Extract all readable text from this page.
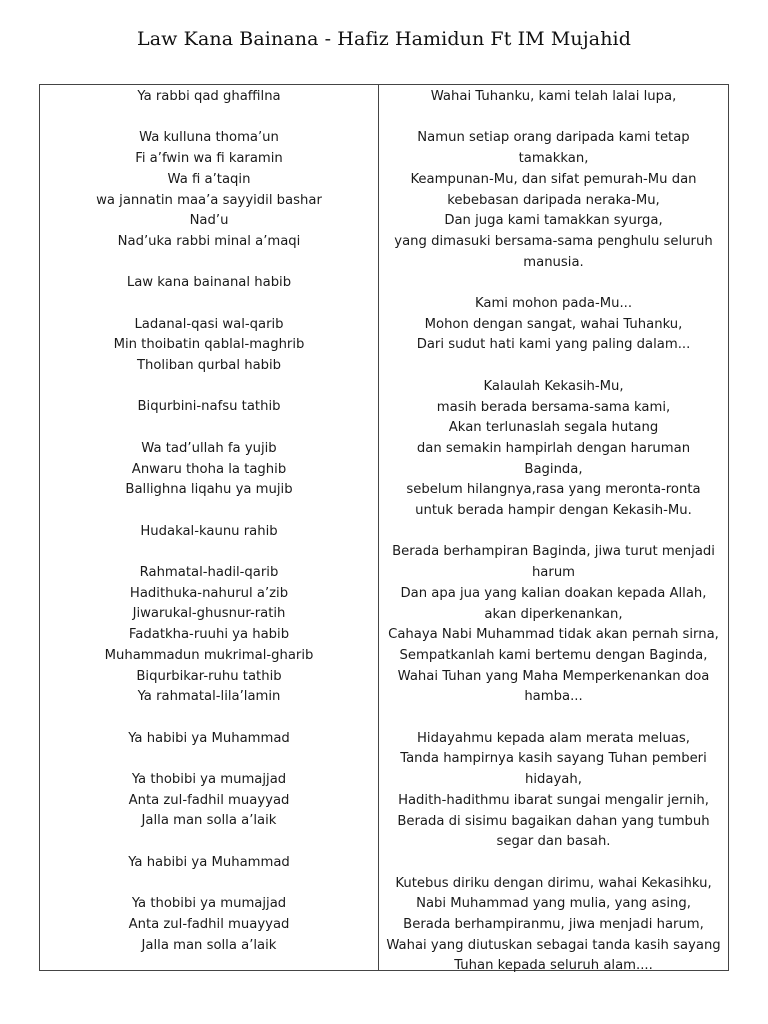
Law Kana Bainana - Hafiz Hamidun Ft IM Mujahid
Ya rabbi qad ghaffilna
Wa kulluna thoma’un
Fi a’fwin wa fi karamin
Wa fi a’taqin
wa jannatin maa’a sayyidil bashar
Nad’u
Nad’uka rabbi minal a’maqi
Law kana bainanal habib
Ladanal-qasi wal-qarib
Min thoibatin qablal-maghrib
Tholiban qurbal habib
Biqurbini-nafsu tathib
Wa tad’ullah fa yujib
Anwaru thoha la taghib
Ballighna liqahu ya mujib
Hudakal-kaunu rahib
Rahmatal-hadil-qarib
Hadithuka-nahurul a’zib
Jiwarukal-ghusnur-ratih
Fadatkha-ruuhi ya habib
Muhammadun mukrimal-gharib
Biqurbikar-ruhu tathib
Ya rahmatal-lila’lamin
Ya habibi ya Muhammad
Ya thobibi ya mumajjad
Anta zul-fadhil muayyad
Jalla man solla a’laik
Ya habibi ya Muhammad
Ya thobibi ya mumajjad
Anta zul-fadhil muayyad
Jalla man solla a’laik
Wahai Tuhanku, kami telah lalai lupa,
Namun setiap orang daripada kami tetap
tamakkan,
Keampunan-Mu, dan sifat pemurah-Mu dan
kebebasan daripada neraka-Mu,
Dan juga kami tamakkan syurga,
yang dimasuki bersama-sama penghulu seluruh
manusia.
Kami mohon pada-Mu...
Mohon dengan sangat, wahai Tuhanku,
Dari sudut hati kami yang paling dalam...
Kalaulah Kekasih-Mu,
masih berada bersama-sama kami,
Akan terlunaslah segala hutang
dan semakin hampirlah dengan haruman
Baginda,
sebelum hilangnya,rasa yang meronta-ronta
untuk berada hampir dengan Kekasih-Mu.
Berada berhampiran Baginda, jiwa turut menjadi
harum
Dan apa jua yang kalian doakan kepada Allah,
akan diperkenankan,
Cahaya Nabi Muhammad tidak akan pernah sirna,
Sempatkanlah kami bertemu dengan Baginda,
Wahai Tuhan yang Maha Memperkenankan doa
hamba...
Hidayahmu kepada alam merata meluas,
Tanda hampirnya kasih sayang Tuhan pemberi
hidayah,
Hadith-hadithmu ibarat sungai mengalir jernih,
Berada di sisimu bagaikan dahan yang tumbuh
segar dan basah.
Kutebus diriku dengan dirimu, wahai Kekasihku,
Nabi Muhammad yang mulia, yang asing,
Berada berhampiranmu, jiwa menjadi harum,
Wahai yang diutuskan sebagai tanda kasih sayang
Tuhan kepada seluruh alam....
